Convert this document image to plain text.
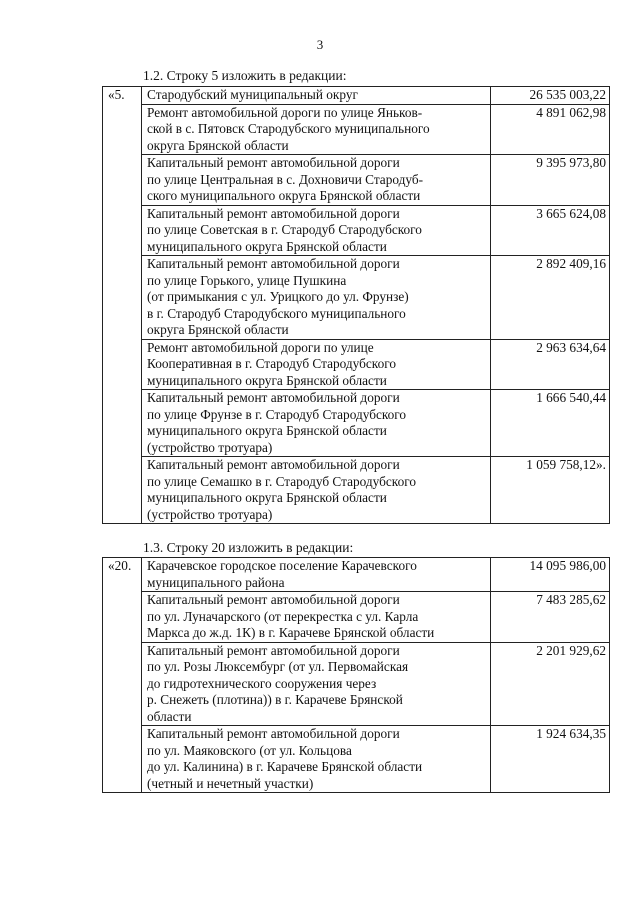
3
1.2. Строку 5 изложить в редакции:
«5.	Стародубский муниципальный округ	26 535 003,22
	Ремонт автомобильной дороги по улице Яньков-
ской в с. Пятовск Стародубского муниципального
округа Брянской области	4 891 062,98
	Капитальный ремонт автомобильной дороги
по улице Центральная в с. Дохновичи Стародуб-
ского муниципального округа Брянской области	9 395 973,80
	Капитальный ремонт автомобильной дороги
по улице Советская в г. Стародуб Стародубского
муниципального округа Брянской области	3 665 624,08
	Капитальный ремонт автомобильной дороги
по улице Горького, улице Пушкина
(от примыкания с ул. Урицкого до ул. Фрунзе)
в г. Стародуб Стародубского муниципального
округа Брянской области	2 892 409,16
	Ремонт автомобильной дороги по улице
Кооперативная в г. Стародуб Стародубского
муниципального округа Брянской области	2 963 634,64
	Капитальный ремонт автомобильной дороги
по улице Фрунзе в г. Стародуб Стародубского
муниципального округа Брянской области
(устройство тротуара)	1 666 540,44
	Капитальный ремонт автомобильной дороги
по улице Семашко в г. Стародуб Стародубского
муниципального округа Брянской области
(устройство тротуара)	1 059 758,12».
1.3. Строку 20 изложить в редакции:
«20.	Карачевское городское поселение Карачевского
муниципального района	14 095 986,00
	Капитальный ремонт автомобильной дороги
по ул. Луначарского (от перекрестка с ул. Карла
Маркса до ж.д. 1К) в г. Карачеве Брянской области	7 483 285,62
	Капитальный ремонт автомобильной дороги
по ул. Розы Люксембург (от ул. Первомайская
до гидротехнического сооружения через
р. Снежеть (плотина)) в г. Карачеве Брянской
области	2 201 929,62
	Капитальный ремонт автомобильной дороги
по ул. Маяковского (от ул. Кольцова
до ул. Калинина) в г. Карачеве Брянской области
(четный и нечетный участки)	1 924 634,35
